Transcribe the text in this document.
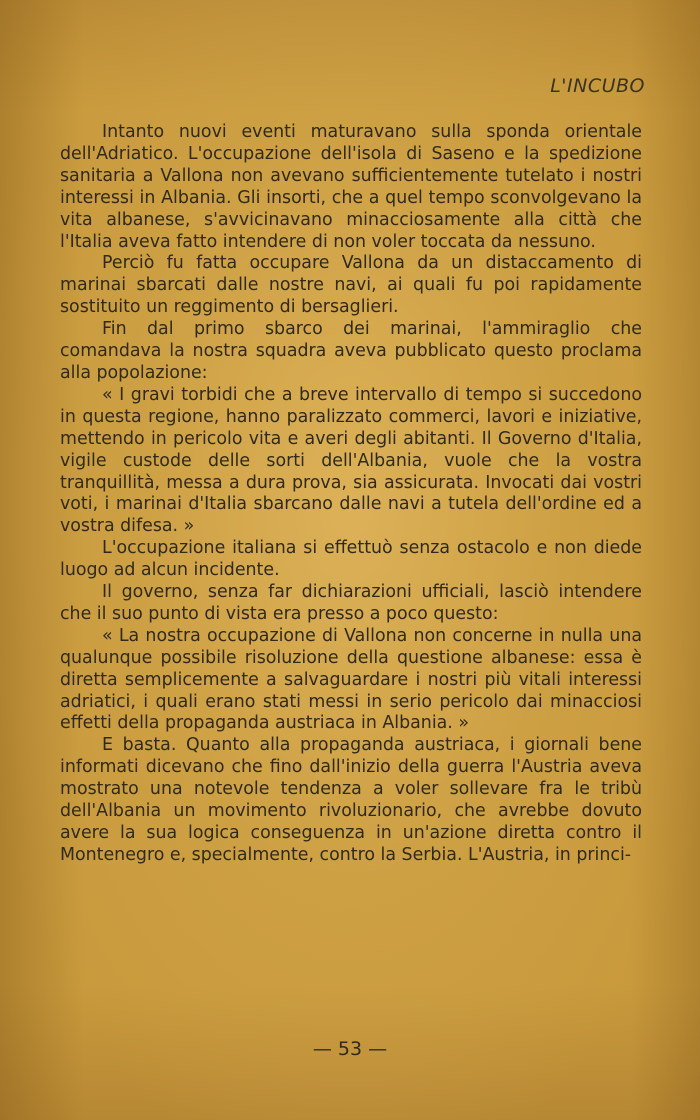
L'INCUBO

Intanto nuovi eventi maturavano sulla sponda orientale dell'Adriatico. L'occupazione dell'isola di Saseno e la spedizione sanitaria a Vallona non avevano sufficientemente tutelato i nostri interessi in Albania. Gli insorti, che a quel tempo sconvolgevano la vita albanese, s'avvicinavano minacciosamente alla città che l'Italia aveva fatto intendere di non voler toccata da nessuno.

Perciò fu fatta occupare Vallona da un distaccamento di marinai sbarcati dalle nostre navi, ai quali fu poi rapidamente sostituito un reggimento di bersaglieri.

Fin dal primo sbarco dei marinai, l'ammiraglio che comandava la nostra squadra aveva pubblicato questo proclama alla popolazione:

« I gravi torbidi che a breve intervallo di tempo si succedono in questa regione, hanno paralizzato commerci, lavori e iniziative, mettendo in pericolo vita e averi degli abitanti. Il Governo d'Italia, vigile custode delle sorti dell'Albania, vuole che la vostra tranquillità, messa a dura prova, sia assicurata. Invocati dai vostri voti, i marinai d'Italia sbarcano dalle navi a tutela dell'ordine ed a vostra difesa. »

L'occupazione italiana si effettuò senza ostacolo e non diede luogo ad alcun incidente.

Il governo, senza far dichiarazioni ufficiali, lasciò intendere che il suo punto di vista era presso a poco questo:

« La nostra occupazione di Vallona non concerne in nulla una qualunque possibile risoluzione della questione albanese: essa è diretta semplicemente a salvaguardare i nostri più vitali interessi adriatici, i quali erano stati messi in serio pericolo dai minacciosi effetti della propaganda austriaca in Albania. »

E basta. Quanto alla propaganda austriaca, i giornali bene informati dicevano che fino dall'inizio della guerra l'Austria aveva mostrato una notevole tendenza a voler sollevare fra le tribù dell'Albania un movimento rivoluzionario, che avrebbe dovuto avere la sua logica conseguenza in un'azione diretta contro il Montenegro e, specialmente, contro la Serbia. L'Austria, in princi-

— 53 —
